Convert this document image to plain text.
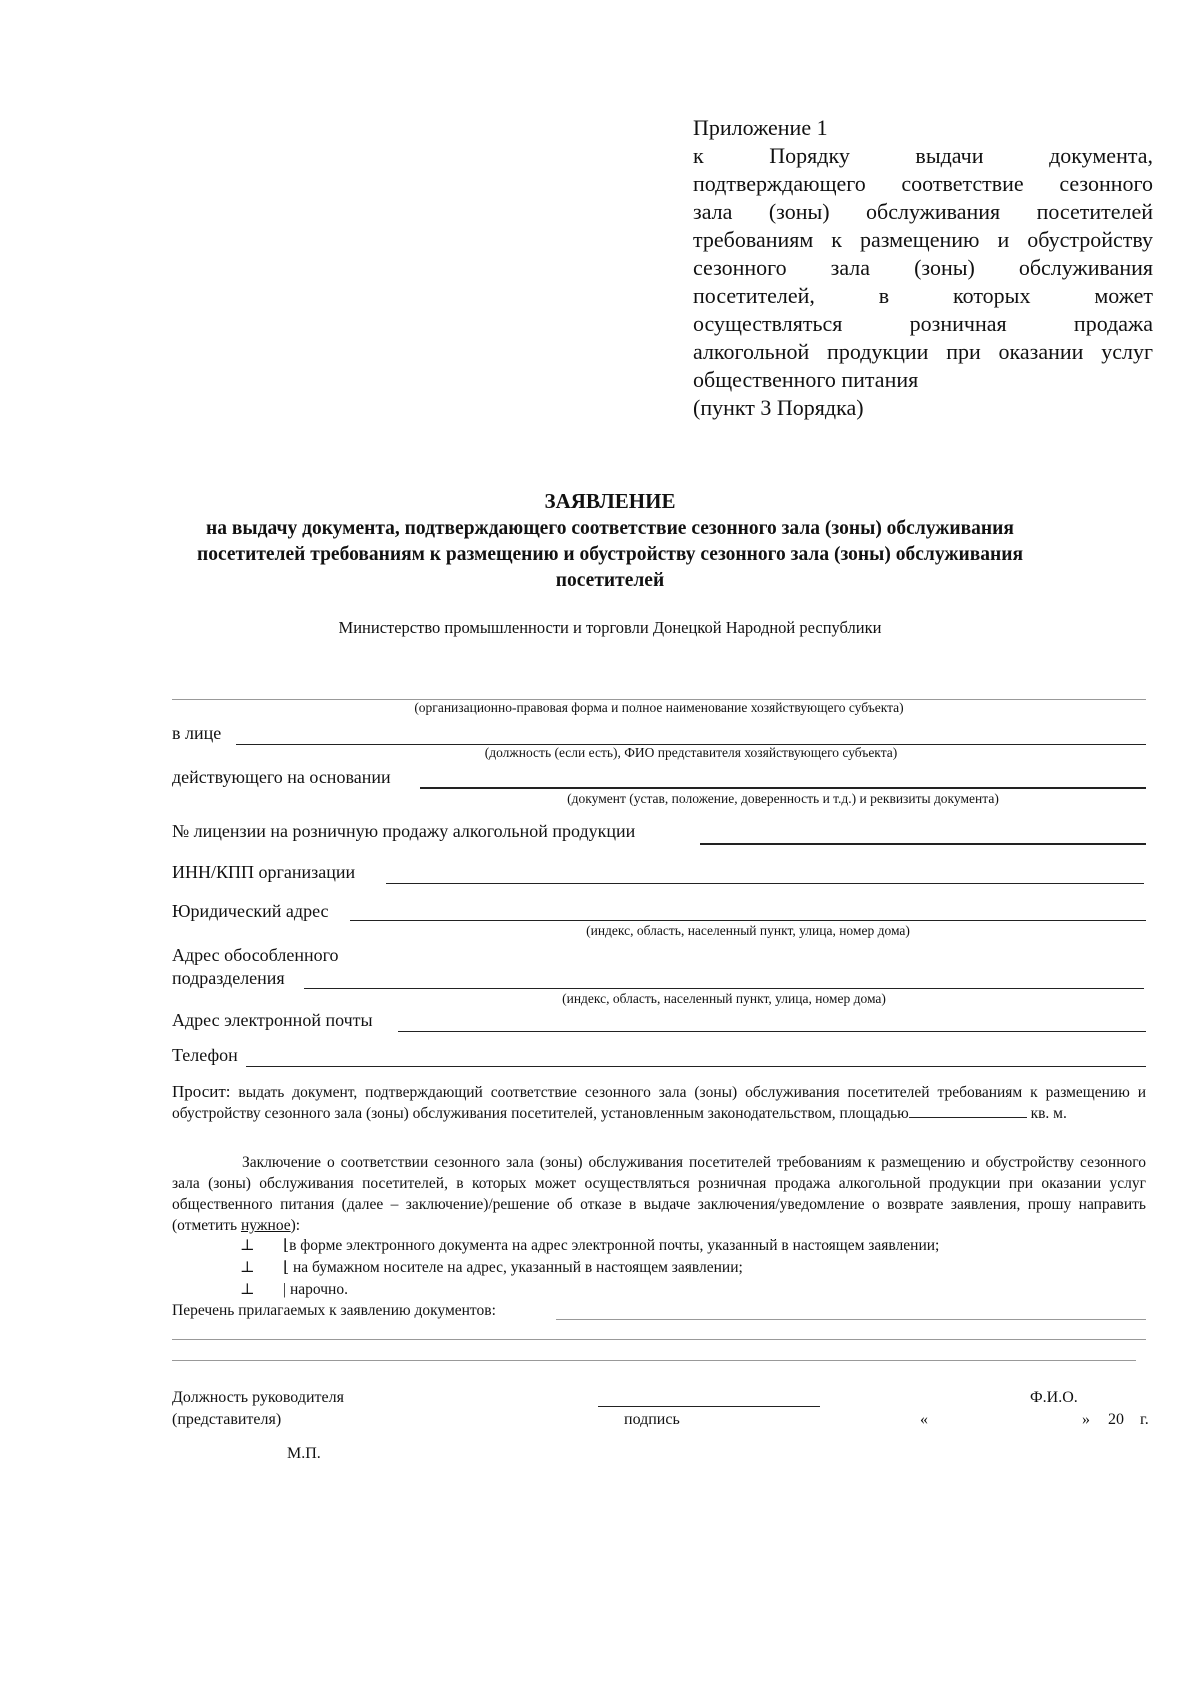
Приложение 1
к Порядку выдачи документа,
подтверждающего соответствие сезонного
зала (зоны) обслуживания посетителей
требованиям к размещению и обустройству
сезонного зала (зоны) обслуживания
посетителей, в которых может
осуществляться розничная продажа
алкогольной продукции при оказании услуг
общественного питания
(пункт 3 Порядка)
ЗАЯВЛЕНИЕ
на выдачу документа, подтверждающего соответствие сезонного зала (зоны) обслуживания посетителей требованиям к размещению и обустройству сезонного зала (зоны) обслуживания посетителей
Министерство промышленности и торговли Донецкой Народной республики
(организационно-правовая форма и полное наименование хозяйствующего субъекта)
в лице
(должность (если есть), ФИО представителя хозяйствующего субъекта)
действующего на основании
(документ (устав, положение, доверенность и т.д.) и реквизиты документа)
№ лицензии на розничную продажу алкогольной продукции
ИНН/КПП организации
Юридический адрес
(индекс, область, населенный пункт, улица, номер дома)
Адрес обособленного
подразделения
(индекс, область, населенный пункт, улица, номер дома)
Адрес электронной почты
Телефон
Просит: выдать документ, подтверждающий соответствие сезонного зала (зоны) обслуживания посетителей требованиям к размещению и обустройству сезонного зала (зоны) обслуживания посетителей, установленным законодательством, площадью	кв. м.
Заключение о соответствии сезонного зала (зоны) обслуживания посетителей требованиям к размещению и обустройству сезонного зала (зоны) обслуживания посетителей, в которых может осуществляться розничная продажа алкогольной продукции при оказании услуг общественного питания (далее – заключение)/решение об отказе в выдаче заключения/уведомление о возврате заявления, прошу направить (отметить нужное):
⊥ ⌊в форме электронного документа на адрес электронной почты, указанный в настоящем заявлении;
⊥ ⌊ на бумажном носителе на адрес, указанный в настоящем заявлении;
⊥ | нарочно.
Перечень прилагаемых к заявлению документов:
Должность руководителя
(представителя)	подпись
Ф.И.О.
«	» 20 г.
М.П.
